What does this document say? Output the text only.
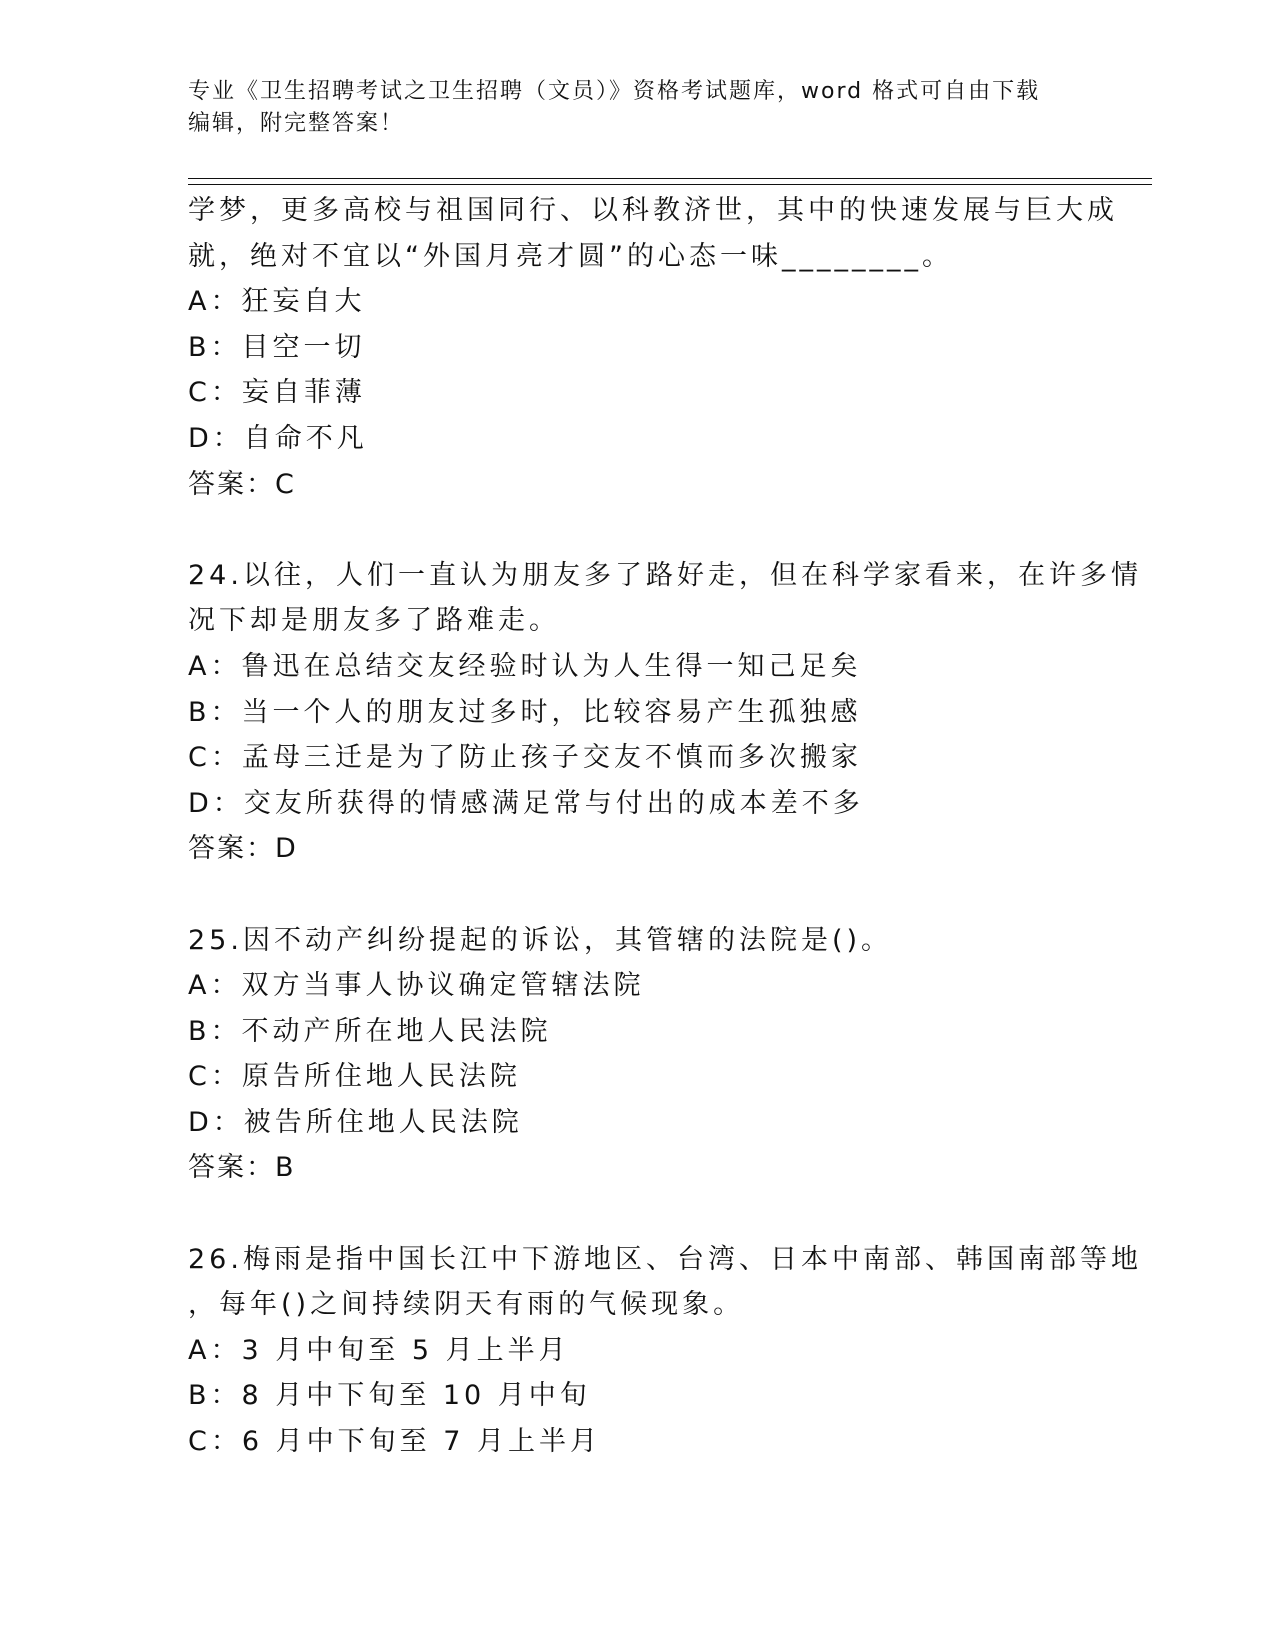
专业《卫生招聘考试之卫生招聘（文员）》资格考试题库，word 格式可自由下载
编辑，附完整答案！
学梦，更多高校与祖国同行、以科教济世，其中的快速发展与巨大成
就，绝对不宜以“外国月亮才圆”的心态一味________。
A：狂妄自大
B：目空一切
C：妄自菲薄
D：自命不凡
答案：C
24.以往，人们一直认为朋友多了路好走，但在科学家看来，在许多情
况下却是朋友多了路难走。
A：鲁迅在总结交友经验时认为人生得一知己足矣
B：当一个人的朋友过多时，比较容易产生孤独感
C：孟母三迁是为了防止孩子交友不慎而多次搬家
D：交友所获得的情感满足常与付出的成本差不多
答案：D
25.因不动产纠纷提起的诉讼，其管辖的法院是()。
A：双方当事人协议确定管辖法院
B：不动产所在地人民法院
C：原告所住地人民法院
D：被告所住地人民法院
答案：B
26.梅雨是指中国长江中下游地区、台湾、日本中南部、韩国南部等地
，每年()之间持续阴天有雨的气候现象。
A：3 月中旬至 5 月上半月
B：8 月中下旬至 10 月中旬
C：6 月中下旬至 7 月上半月
